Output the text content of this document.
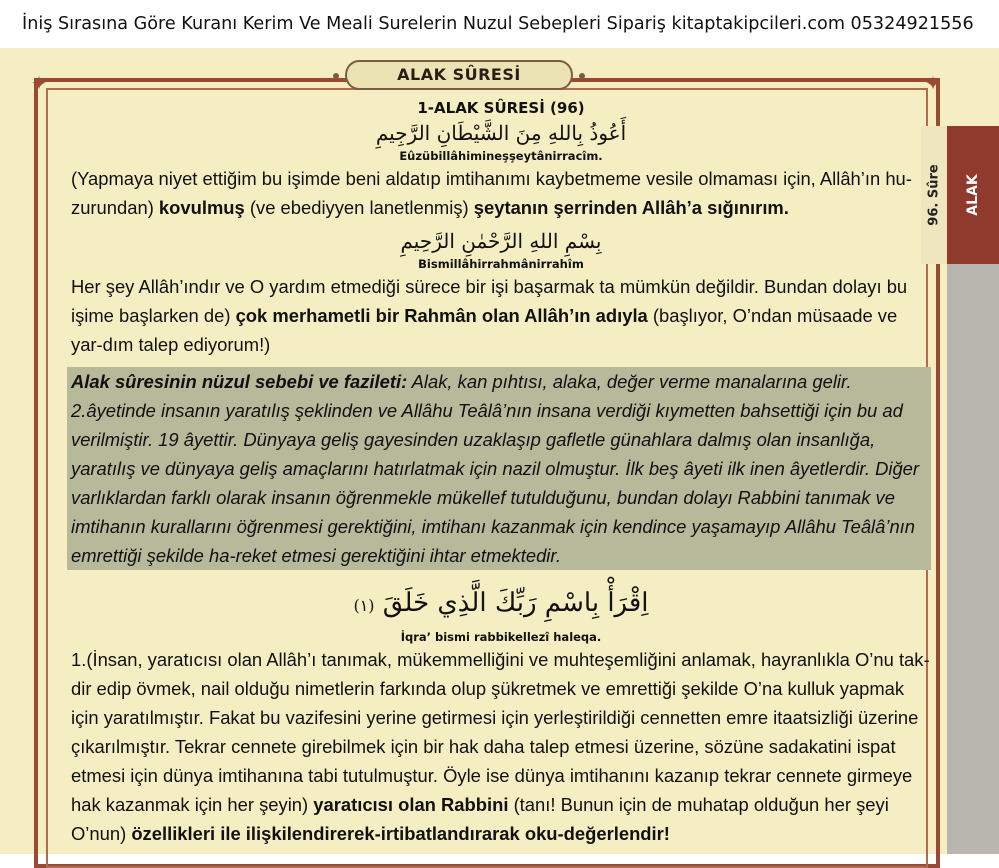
İniş Sırasına Göre Kuranı Kerim Ve Meali Surelerin Nuzul Sebepleri Sipariş kitaptakipcileri.com 05324921556
✦	✦
ALAK SÛRESİ
96. Sûre ALAK
1-ALAK SÛRESİ (96)
أَعُوذُ بِاللهِ مِنَ الشَّيْطَانِ الرَّجِيمِ
Eûzübillâhimineşşeytânirracîm.

(Yapmaya niyet ettiğim bu işimde beni aldatıp imtihanımı kaybetmeme vesile olmaması için, Allâh’ın hu-zurundan) kovulmuş (ve ebediyyen lanetlenmiş) şeytanın şerrinden Allâh’a sığınırım.

بِسْمِ اللهِ الرَّحْمٰنِ الرَّحِيمِ
Bismillâhirrahmânirrahîm

Her şey Allâh’ındır ve O yardım etmediği sürece bir işi başarmak ta mümkün değildir. Bundan dolayı bu işime başlarken de) çok merhametli bir Rahmân olan Allâh’ın adıyla (başlıyor, O’ndan müsaade ve yar-dım talep ediyorum!)

Alak sûresinin nüzul sebebi ve fazileti: Alak, kan pıhtısı, alaka, değer verme manalarına gelir. 2.âyetinde insanın yaratılış şeklinden ve Allâhu Teâlâ’nın insana verdiği kıymetten bahsettiği için bu ad verilmiştir. 19 âyettir. Dünyaya geliş gayesinden uzaklaşıp gafletle günahlara dalmış olan insanlığa, yaratılış ve dünyaya geliş amaçlarını hatırlatmak için nazil olmuştur. İlk beş âyeti ilk inen âyetlerdir. Diğer varlıklardan farklı olarak insanın öğrenmekle mükellef tutulduğunu, bundan dolayı Rabbini tanımak ve imtihanın kurallarını öğrenmesi gerektiğini, imtihanı kazanmak için kendince yaşamayıp Allâhu Teâlâ’nın emrettiği şekilde ha-reket etmesi gerektiğini ihtar etmektedir.

اِقْرَأْ بِاسْمِ رَبِّكَ الَّذِي خَلَقَ (١)
İqra’ bismi rabbikellezî haleqa.

1.(İnsan, yaratıcısı olan Allâh’ı tanımak, mükemmelliğini ve muhteşemliğini anlamak, hayranlıkla O’nu tak-dir edip övmek, nail olduğu nimetlerin farkında olup şükretmek ve emrettiği şekilde O’na kulluk yapmak için yaratılmıştır. Fakat bu vazifesini yerine getirmesi için yerleştirildiği cennetten emre itaatsizliği üzerine çıkarılmıştır. Tekrar cennete girebilmek için bir hak daha talep etmesi üzerine, sözüne sadakatini ispat etmesi için dünya imtihanına tabi tutulmuştur. Öyle ise dünya imtihanını kazanıp tekrar cennete girmeye hak kazanmak için her şeyin) yaratıcısı olan Rabbini (tanı! Bunun için de muhatap olduğun her şeyi O’nun) özellikleri ile ilişkilendirerek-irtibatlandırarak oku-değerlendir!
